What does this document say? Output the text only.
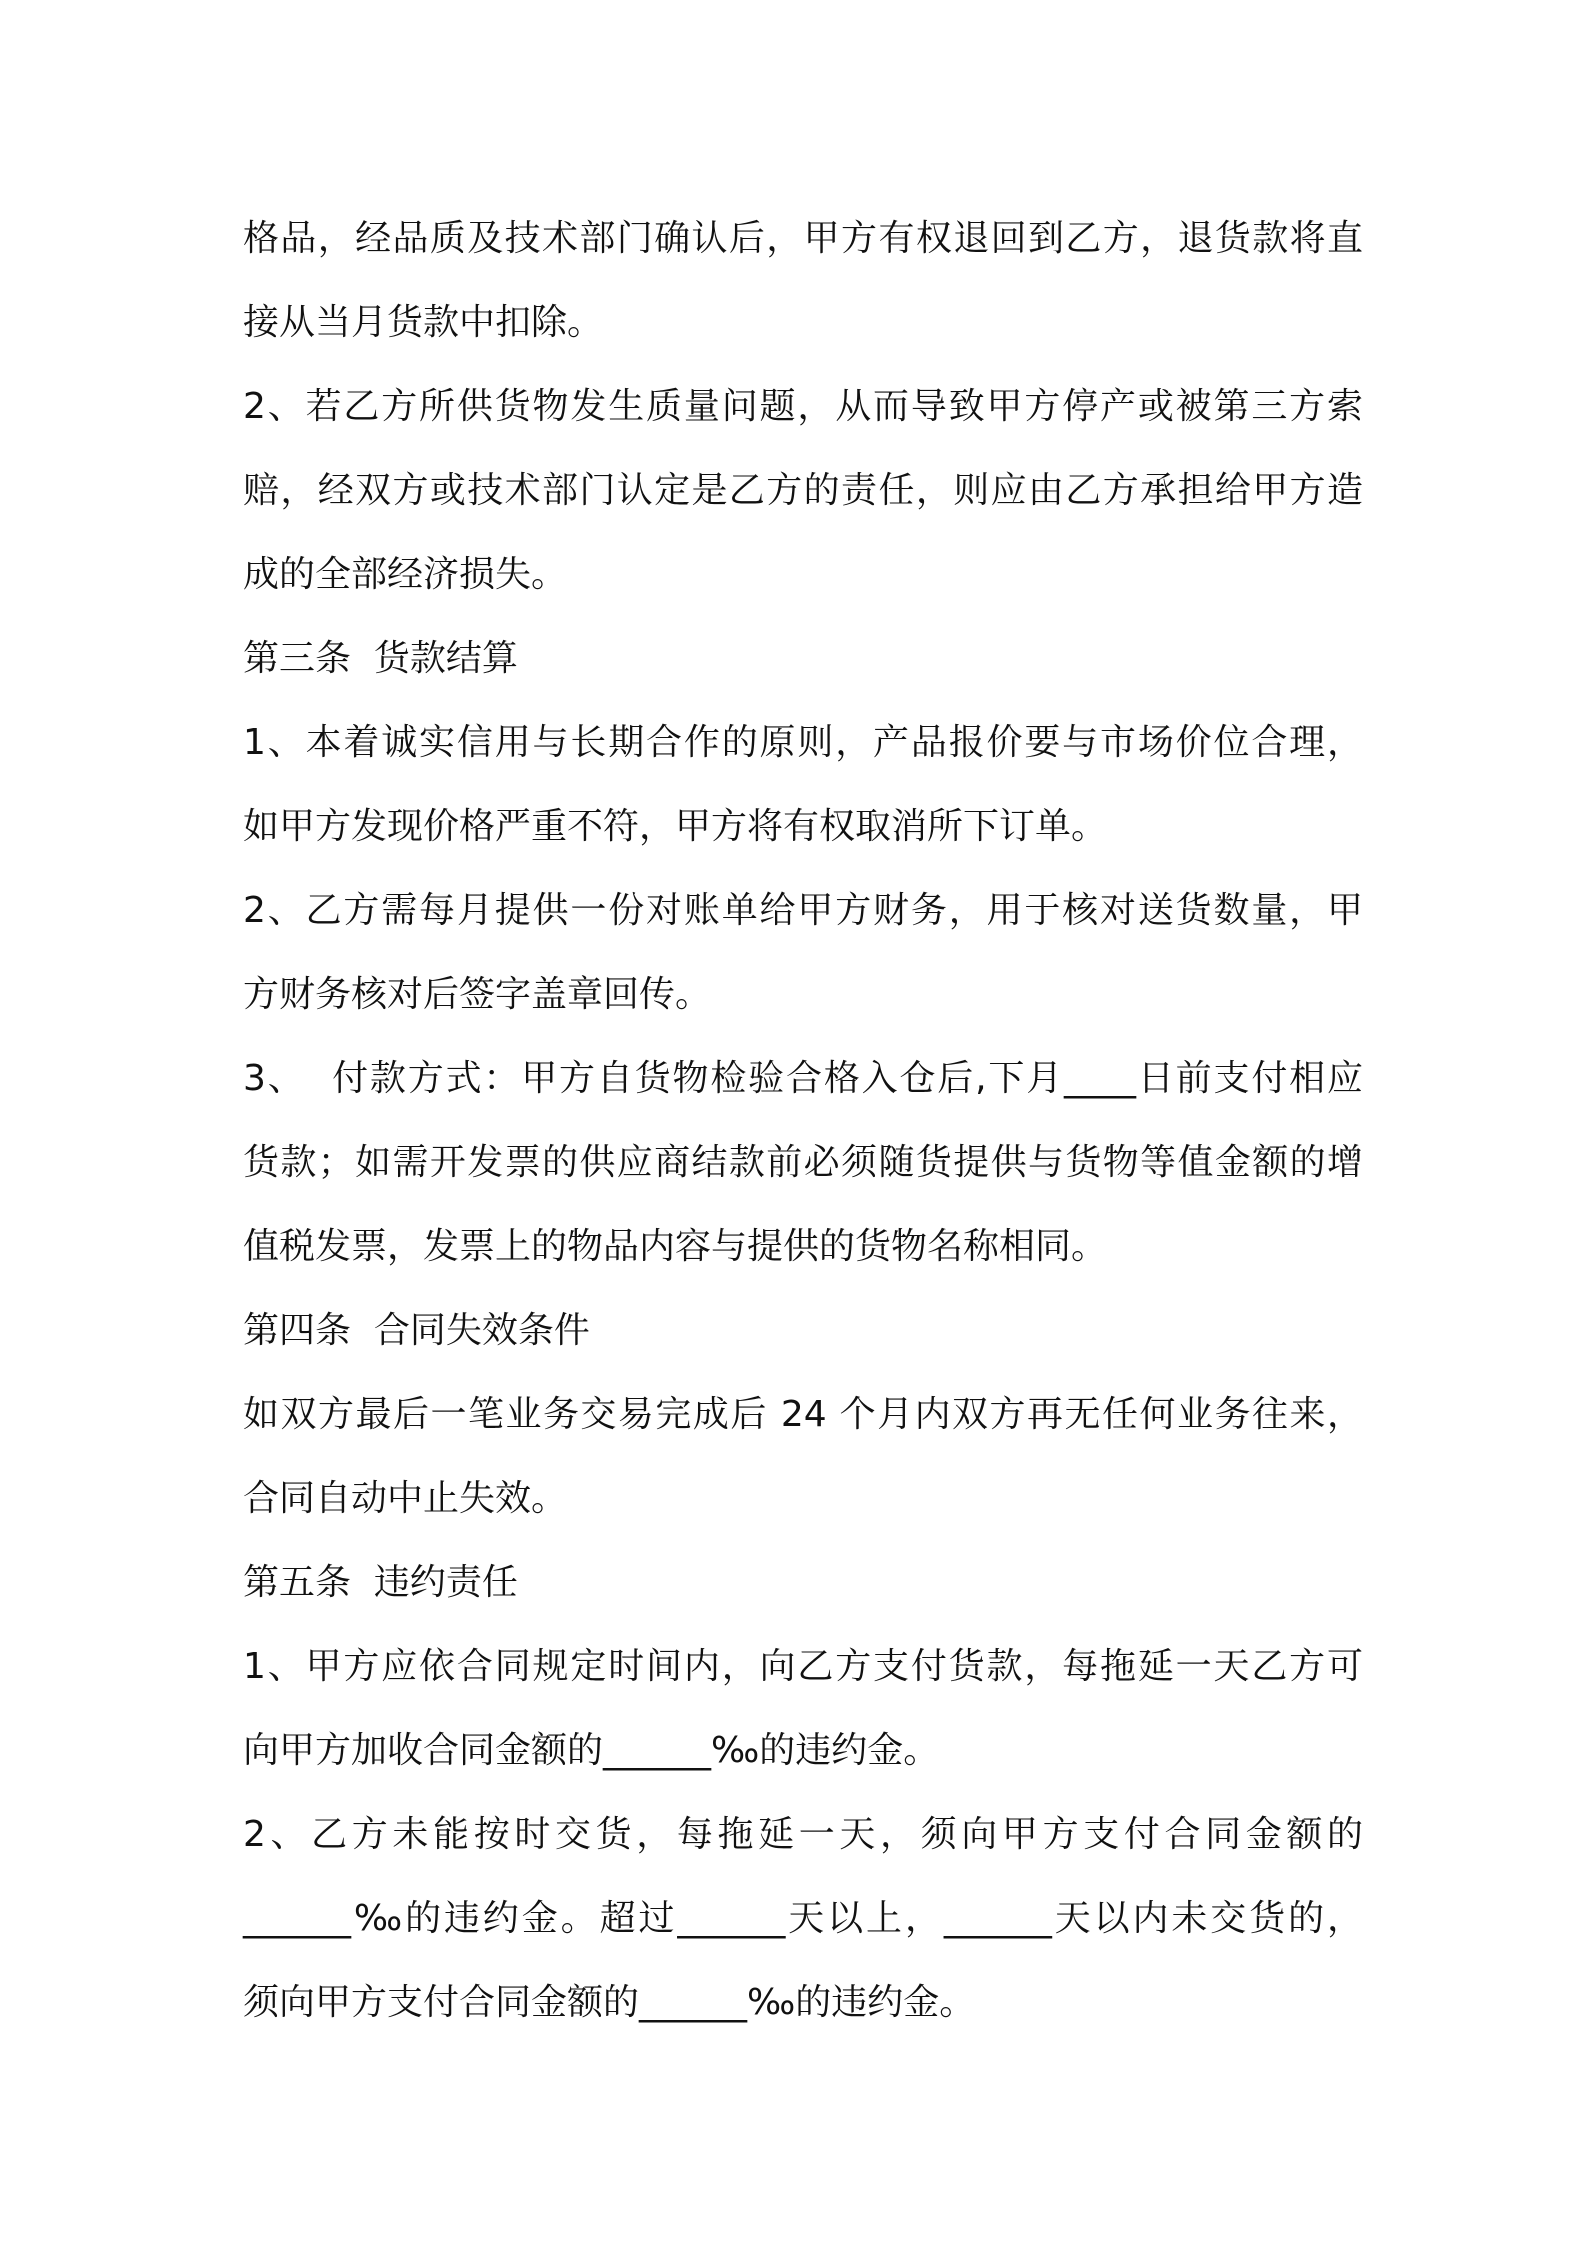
格品，经品质及技术部门确认后，甲方有权退回到乙方，退货款将直
接从当月货款中扣除。
2、若乙方所供货物发生质量问题，从而导致甲方停产或被第三方索
赔，经双方或技术部门认定是乙方的责任，则应由乙方承担给甲方造
成的全部经济损失。
第三条  货款结算
1、本着诚实信用与长期合作的原则，产品报价要与市场价位合理，
如甲方发现价格严重不符，甲方将有权取消所下订单。
2、乙方需每月提供一份对账单给甲方财务，用于核对送货数量，甲
方财务核对后签字盖章回传。
3、  付款方式：甲方自货物检验合格入仓后,下月____日前支付相应
货款；如需开发票的供应商结款前必须随货提供与货物等值金额的增
值税发票，发票上的物品内容与提供的货物名称相同。
第四条  合同失效条件
如双方最后一笔业务交易完成后 24 个月内双方再无任何业务往来，
合同自动中止失效。
第五条  违约责任
1、甲方应依合同规定时间内，向乙方支付货款，每拖延一天乙方可
向甲方加收合同金额的______‰的违约金。
2、乙方未能按时交货，每拖延一天，须向甲方支付合同金额的
______‰的违约金。超过______天以上，______天以内未交货的，
须向甲方支付合同金额的______‰的违约金。
